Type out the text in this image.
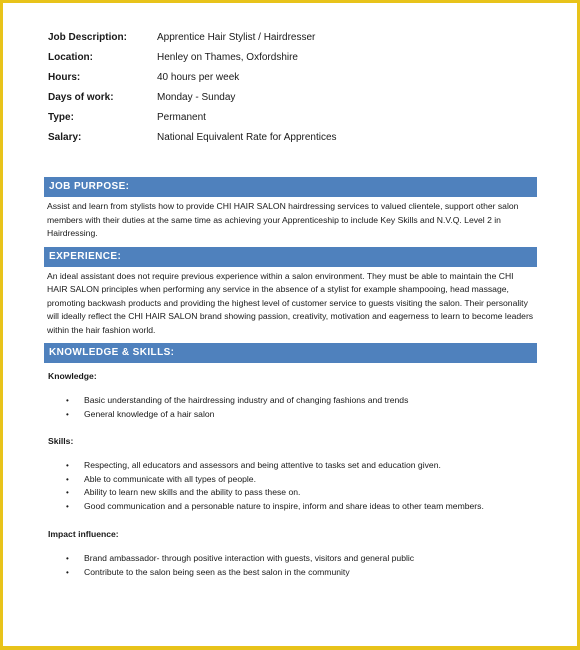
Job Description:	Apprentice Hair Stylist / Hairdresser
Location:	Henley on Thames, Oxfordshire
Hours:	40 hours per week
Days of work:	Monday - Sunday
Type:	Permanent
Salary:	National Equivalent Rate for Apprentices
JOB PURPOSE:

Assist and learn from stylists how to provide CHI HAIR SALON hairdressing services to valued clientele, support other salon members with their duties at the same time as achieving your Apprenticeship to include Key Skills and N.V.Q. Level 2 in Hairdressing.

EXPERIENCE:

An ideal assistant does not require previous experience within a salon environment. They must be able to maintain the CHI HAIR SALON principles when performing any service in the absence of a stylist for example shampooing, head massage, promoting backwash products and providing the highest level of customer service to guests visiting the salon. Their personality will ideally reflect the CHI HAIR SALON brand showing passion, creativity, motivation and eagerness to learn to become leaders within the hair fashion world.

KNOWLEDGE & SKILLS:

Knowledge:

• Basic understanding of the hairdressing industry and of changing fashions and trends
• General knowledge of a hair salon

Skills:

• Respecting, all educators and assessors and being attentive to tasks set and education given.
• Able to communicate with all types of people.
• Ability to learn new skills and the ability to pass these on.
• Good communication and a personable nature to inspire, inform and share ideas to other team members.

Impact influence:

• Brand ambassador- through positive interaction with guests, visitors and general public
• Contribute to the salon being seen as the best salon in the community
